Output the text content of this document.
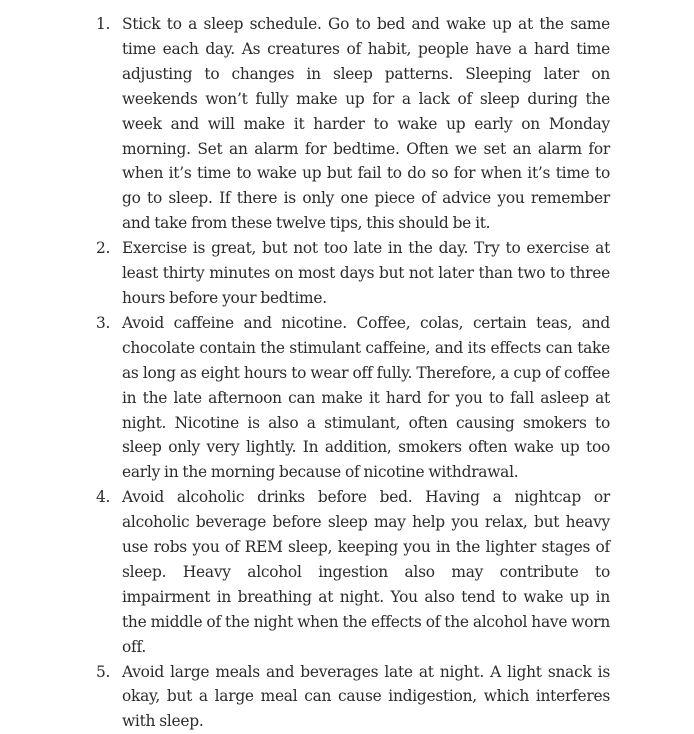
1. Stick to a sleep schedule. Go to bed and wake up at the same time each day. As creatures of habit, people have a hard time adjusting to changes in sleep patterns. Sleeping later on weekends won’t fully make up for a lack of sleep during the week and will make it harder to wake up early on Monday morning. Set an alarm for bedtime. Often we set an alarm for when it’s time to wake up but fail to do so for when it’s time to go to sleep. If there is only one piece of advice you remember and take from these twelve tips, this should be it.
2. Exercise is great, but not too late in the day. Try to exercise at least thirty minutes on most days but not later than two to three hours before your bedtime.
3. Avoid caffeine and nicotine. Coffee, colas, certain teas, and chocolate contain the stimulant caffeine, and its effects can take as long as eight hours to wear off fully. Therefore, a cup of coffee in the late afternoon can make it hard for you to fall asleep at night. Nicotine is also a stimulant, often causing smokers to sleep only very lightly. In addition, smokers often wake up too early in the morning because of nicotine withdrawal.
4. Avoid alcoholic drinks before bed. Having a nightcap or alcoholic beverage before sleep may help you relax, but heavy use robs you of REM sleep, keeping you in the lighter stages of sleep. Heavy alcohol ingestion also may contribute to impairment in breathing at night. You also tend to wake up in the middle of the night when the effects of the alcohol have worn off.
5. Avoid large meals and beverages late at night. A light snack is okay, but a large meal can cause indigestion, which interferes with sleep.
